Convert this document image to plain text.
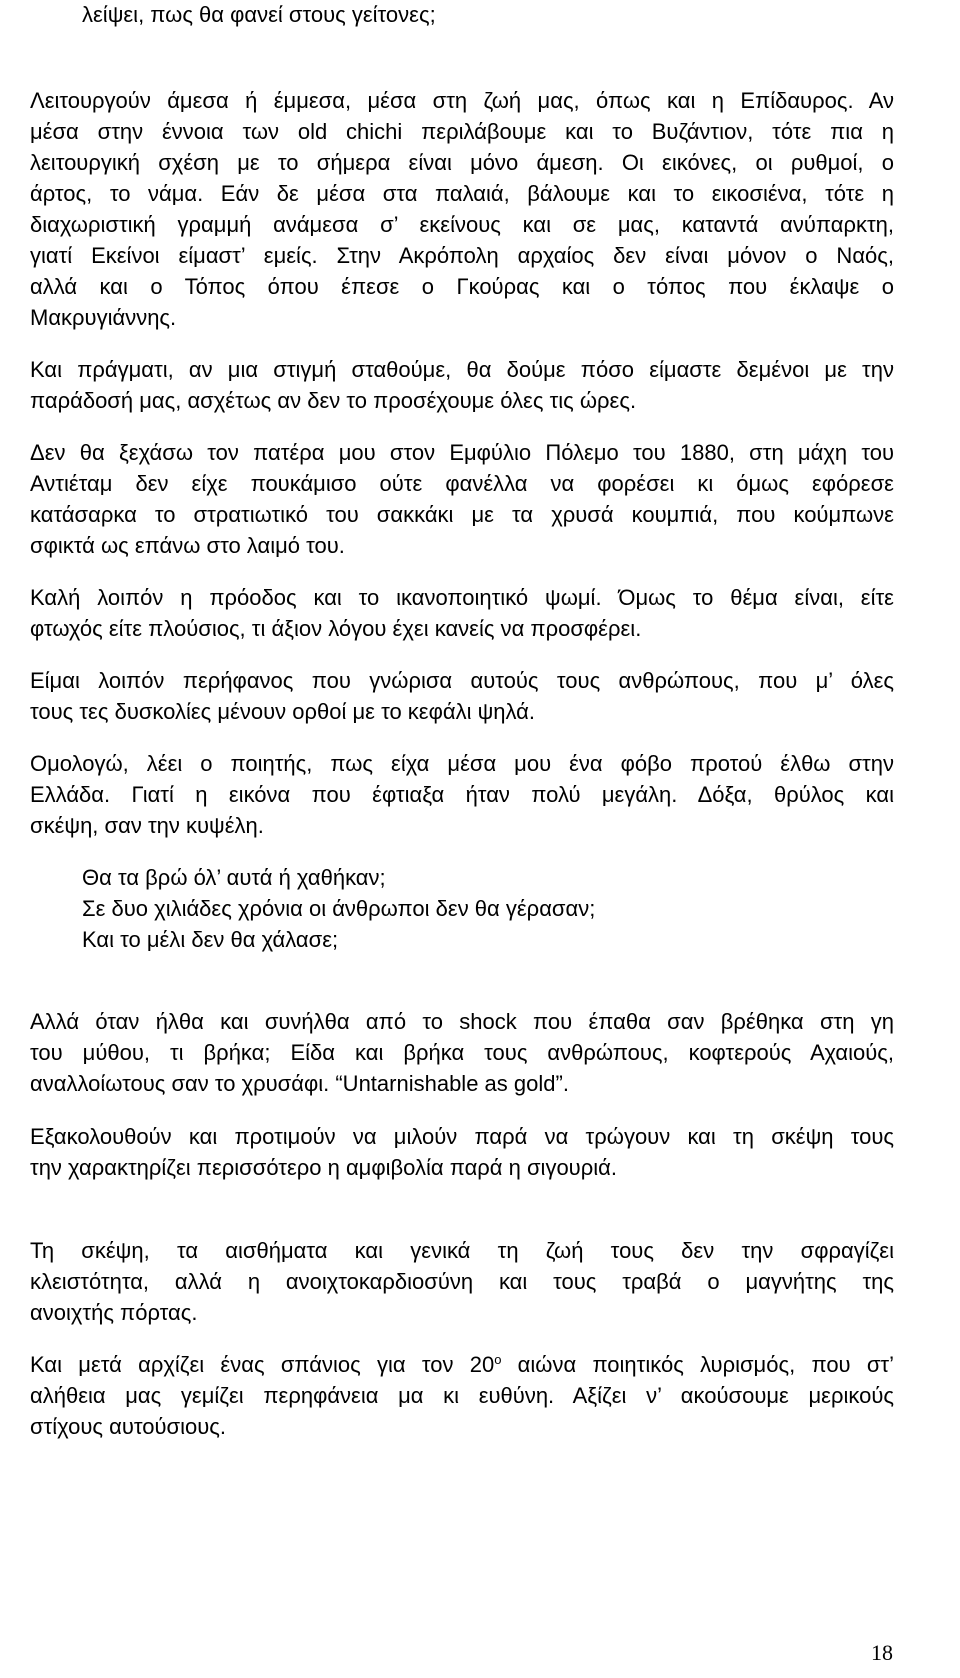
λείψει, πως θα φανεί στους γείτονες;
Λειτουργούν άμεσα ή έμμεσα, μέσα στη ζωή μας, όπως και η Επίδαυρος. Αν
μέσα στην έννοια των old chichi περιλάβουμε και το Βυζάντιον, τότε πια η
λειτουργική σχέση με το σήμερα είναι μόνο άμεση. Οι εικόνες, οι ρυθμοί, ο
άρτος, το νάμα. Εάν δε μέσα στα παλαιά, βάλουμε και το εικοσιένα, τότε η
διαχωριστική γραμμή ανάμεσα σ’ εκείνους και σε μας, καταντά ανύπαρκτη,
γιατί Εκείνοι είμαστ’ εμείς. Στην Ακρόπολη αρχαίος δεν είναι μόνον ο Ναός,
αλλά και ο Τόπος όπου έπεσε ο Γκούρας και ο τόπος που έκλαψε ο
Μακρυγιάννης.
Και πράγματι, αν μια στιγμή σταθούμε, θα δούμε πόσο είμαστε δεμένοι με την
παράδοσή μας, ασχέτως αν δεν το προσέχουμε όλες τις ώρες.
Δεν θα ξεχάσω τον πατέρα μου στον Εμφύλιο Πόλεμο του 1880, στη μάχη του
Αντιέταμ δεν είχε πουκάμισο ούτε φανέλλα να φορέσει κι όμως εφόρεσε
κατάσαρκα το στρατιωτικό του σακκάκι με τα χρυσά κουμπιά, που κούμπωνε
σφικτά ως επάνω στο λαιμό του.
Καλή λοιπόν η πρόοδος και το ικανοποιητικό ψωμί. Όμως το θέμα είναι, είτε
φτωχός είτε πλούσιος, τι άξιον λόγου έχει κανείς να προσφέρει.
Είμαι λοιπόν περήφανος που γνώρισα αυτούς τους ανθρώπους, που μ’ όλες
τους τες δυσκολίες μένουν ορθοί με το κεφάλι ψηλά.
Ομολογώ, λέει ο ποιητής, πως είχα μέσα μου ένα φόβο προτού έλθω στην
Ελλάδα. Γιατί η εικόνα που έφτιαξα ήταν πολύ μεγάλη. Δόξα, θρύλος και
σκέψη, σαν την κυψέλη.
Θα τα βρώ όλ’ αυτά ή χαθήκαν;
Σε δυο χιλιάδες χρόνια οι άνθρωποι δεν θα γέρασαν;
Και το μέλι δεν θα χάλασε;
Αλλά όταν ήλθα και συνήλθα από το shock που έπαθα σαν βρέθηκα στη γη
του μύθου, τι βρήκα; Είδα και βρήκα τους ανθρώπους, κοφτερούς Αχαιούς,
αναλλοίωτους σαν το χρυσάφι. “Untarnishable as gold”.
Εξακολουθούν και προτιμούν να μιλούν παρά να τρώγουν και τη σκέψη τους
την χαρακτηρίζει περισσότερο η αμφιβολία παρά η σιγουριά.
Τη σκέψη, τα αισθήματα και γενικά τη ζωή τους δεν την σφραγίζει
κλειστότητα, αλλά η ανοιχτοκαρδιοσύνη και τους τραβά ο μαγνήτης της
ανοιχτής πόρτας.
Και μετά αρχίζει ένας σπάνιος για τον $20^o$ αιώνα ποιητικός λυρισμός, που στ’
αλήθεια μας γεμίζει περηφάνεια μα κι ευθύνη. Αξίζει ν’ ακούσουμε μερικούς
στίχους αυτούσιους.
18
